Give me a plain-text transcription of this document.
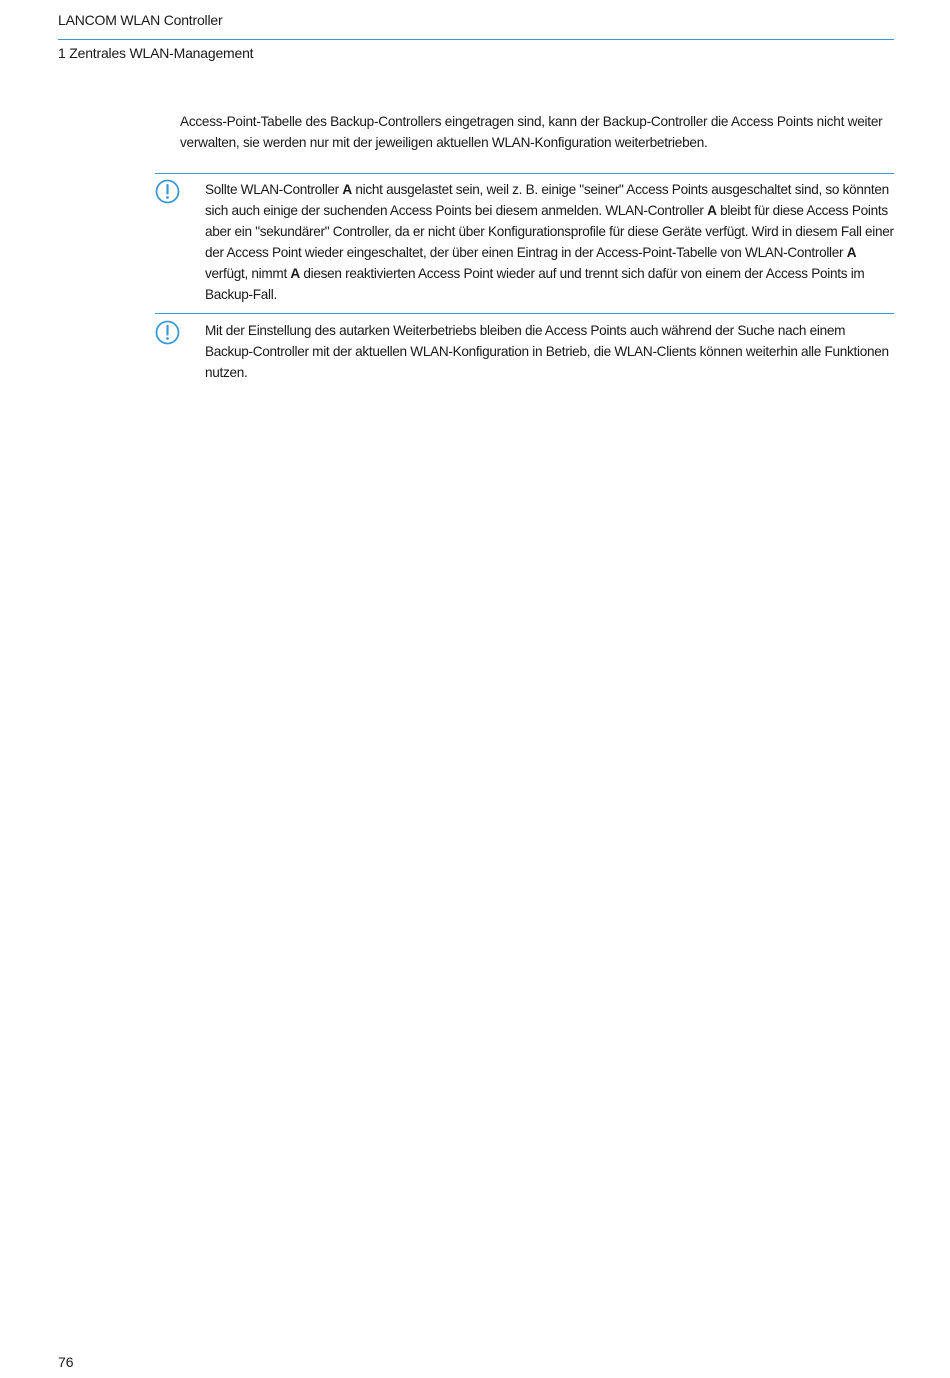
LANCOM WLAN Controller
1 Zentrales WLAN-Management

Access-Point-Tabelle des Backup-Controllers eingetragen sind, kann der Backup-Controller die Access Points nicht weiter verwalten, sie werden nur mit der jeweiligen aktuellen WLAN-Konfiguration weiterbetrieben.

Sollte WLAN-Controller A nicht ausgelastet sein, weil z. B. einige "seiner" Access Points ausgeschaltet sind, so könnten sich auch einige der suchenden Access Points bei diesem anmelden. WLAN-Controller A bleibt für diese Access Points aber ein "sekundärer" Controller, da er nicht über Konfigurationsprofile für diese Geräte verfügt. Wird in diesem Fall einer der Access Point wieder eingeschaltet, der über einen Eintrag in der Access-Point-Tabelle von WLAN-Controller A verfügt, nimmt A diesen reaktivierten Access Point wieder auf und trennt sich dafür von einem der Access Points im Backup-Fall.

Mit der Einstellung des autarken Weiterbetriebs bleiben die Access Points auch während der Suche nach einem Backup-Controller mit der aktuellen WLAN-Konfiguration in Betrieb, die WLAN-Clients können weiterhin alle Funktionen nutzen.

76
